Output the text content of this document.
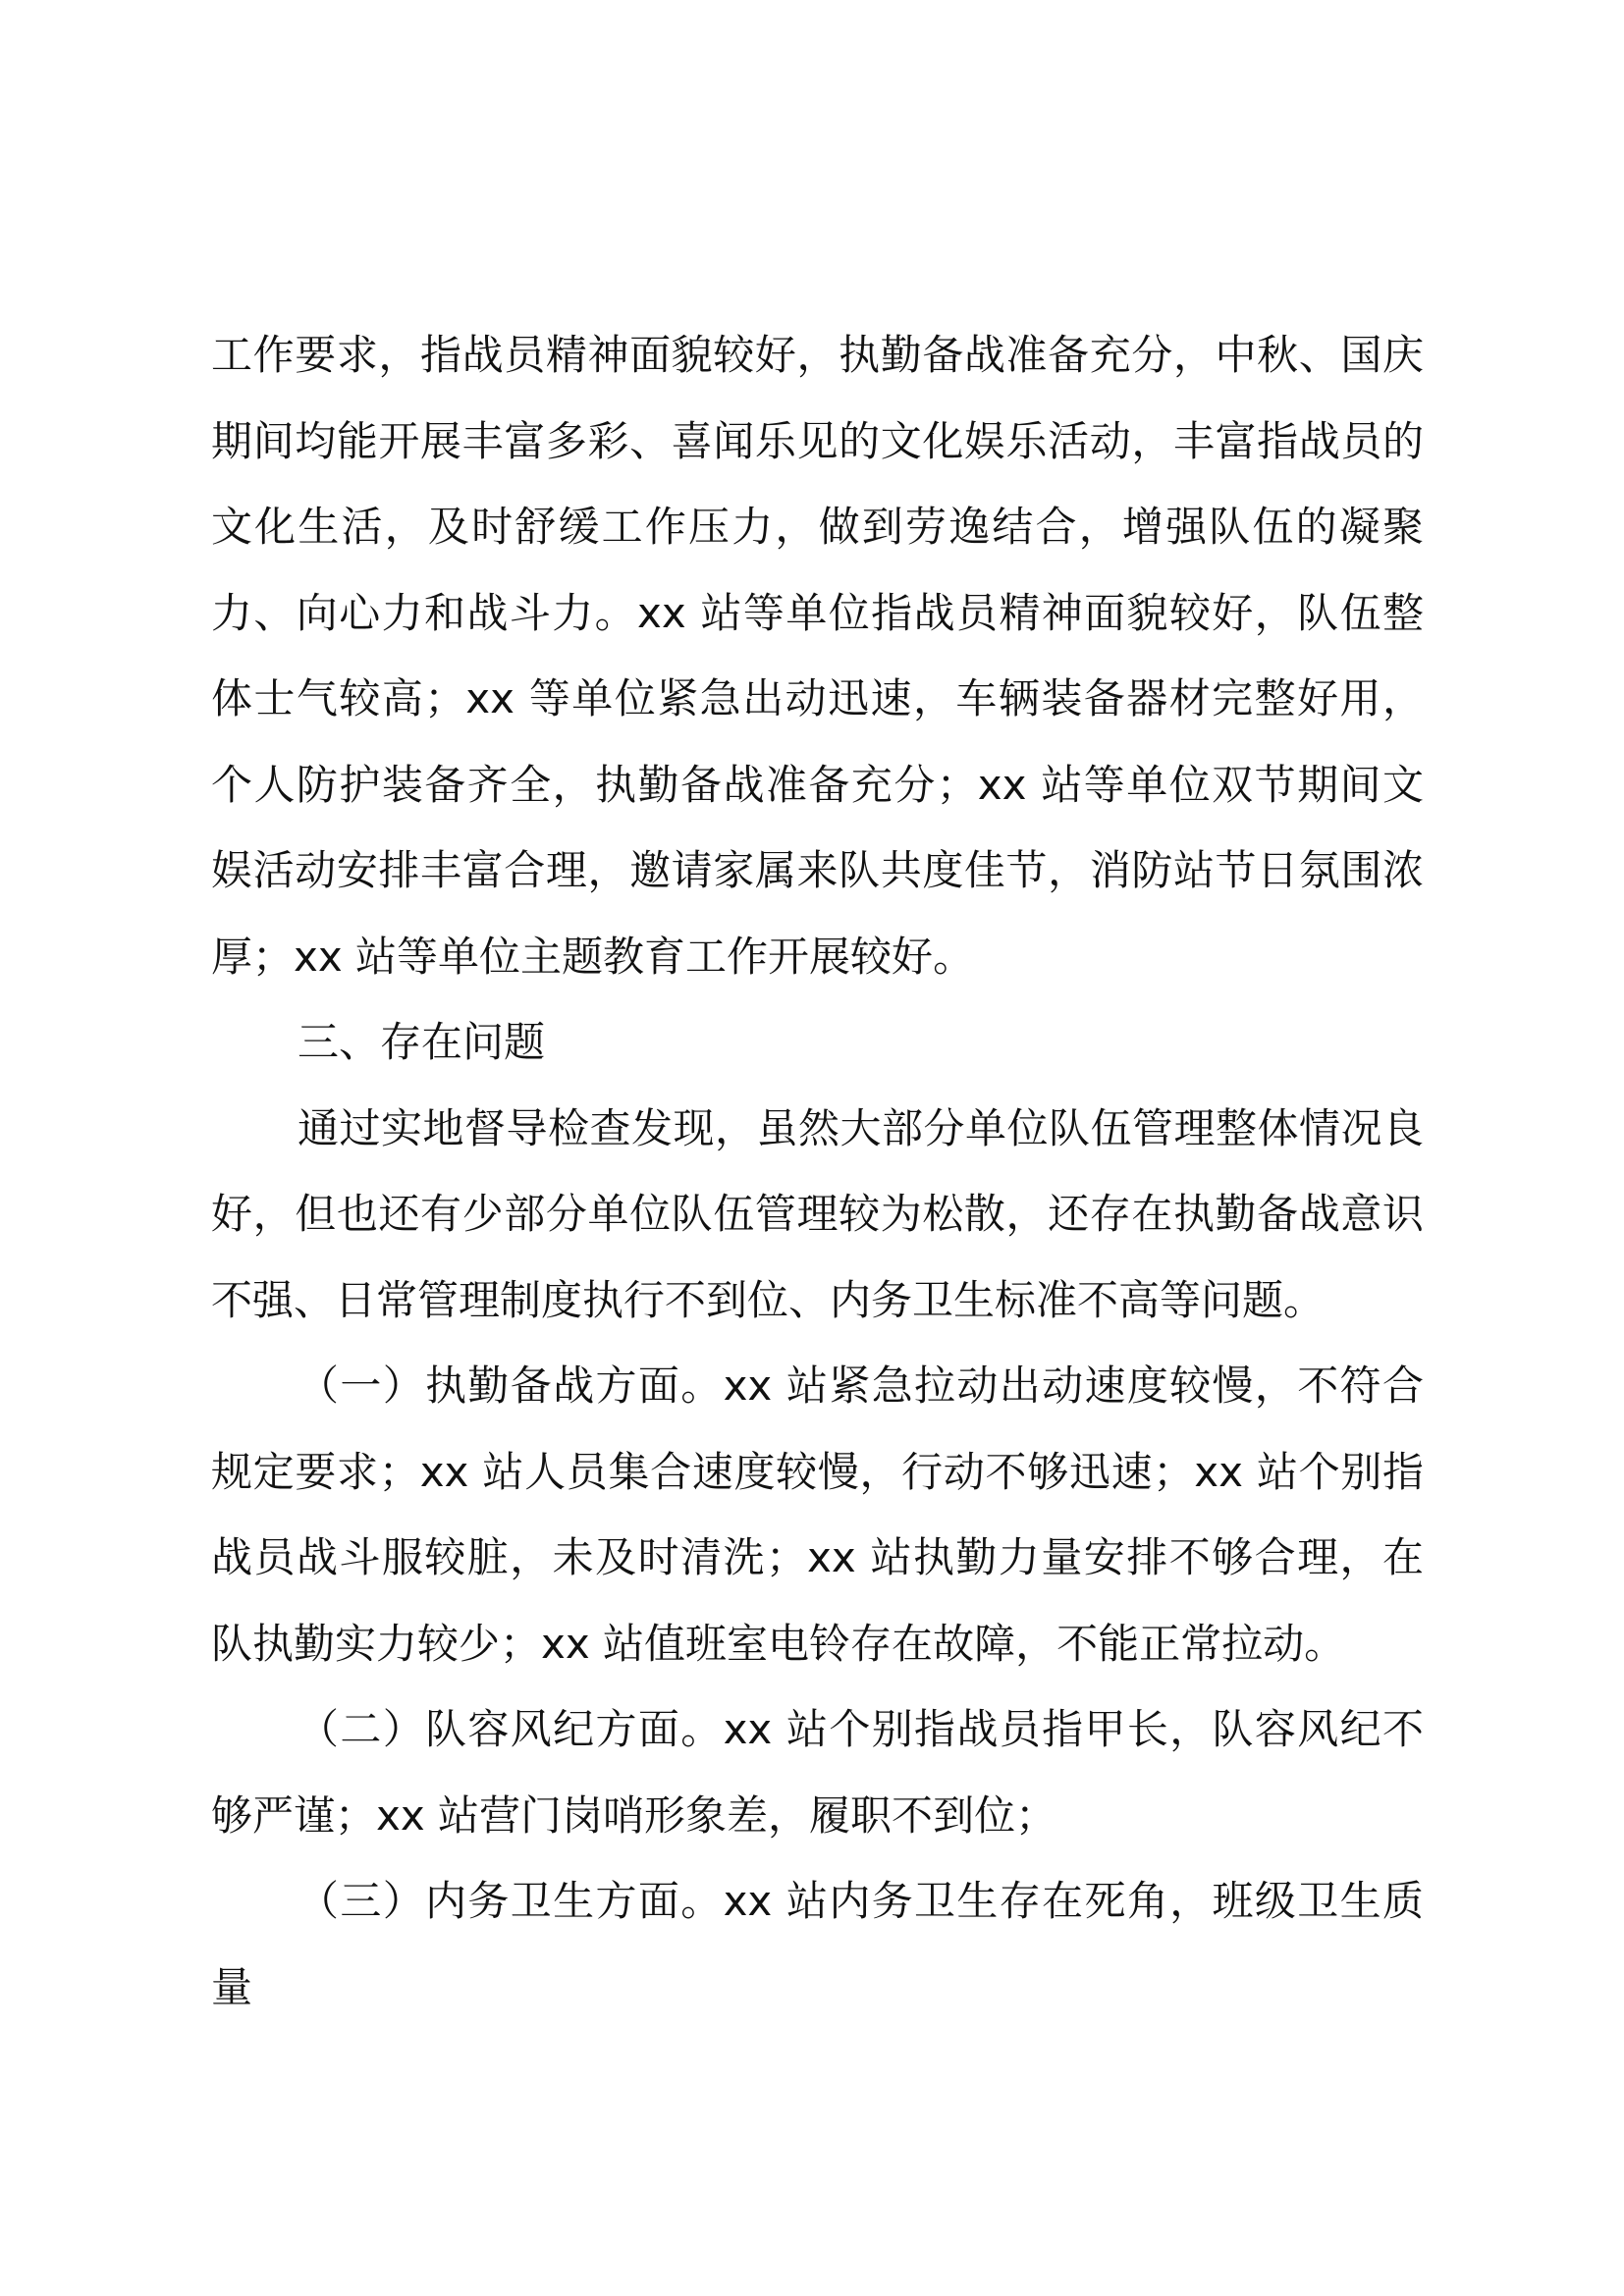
工作要求，指战员精神面貌较好，执勤备战准备充分，中秋、国庆期间均能开展丰富多彩、喜闻乐见的文化娱乐活动，丰富指战员的文化生活，及时舒缓工作压力，做到劳逸结合，增强队伍的凝聚力、向心力和战斗力。xx 站等单位指战员精神面貌较好，队伍整体士气较高；xx 等单位紧急出动迅速，车辆装备器材完整好用，个人防护装备齐全，执勤备战准备充分；xx 站等单位双节期间文娱活动安排丰富合理，邀请家属来队共度佳节，消防站节日氛围浓厚；xx 站等单位主题教育工作开展较好。

三、存在问题

通过实地督导检查发现，虽然大部分单位队伍管理整体情况良好，但也还有少部分单位队伍管理较为松散，还存在执勤备战意识不强、日常管理制度执行不到位、内务卫生标准不高等问题。

（一）执勤备战方面。xx 站紧急拉动出动速度较慢，不符合规定要求；xx 站人员集合速度较慢，行动不够迅速；xx 站个别指战员战斗服较脏，未及时清洗；xx 站执勤力量安排不够合理，在队执勤实力较少；xx 站值班室电铃存在故障，不能正常拉动。

（二）队容风纪方面。xx 站个别指战员指甲长，队容风纪不够严谨；xx 站营门岗哨形象差，履职不到位；

（三）内务卫生方面。xx 站内务卫生存在死角，班级卫生质量
